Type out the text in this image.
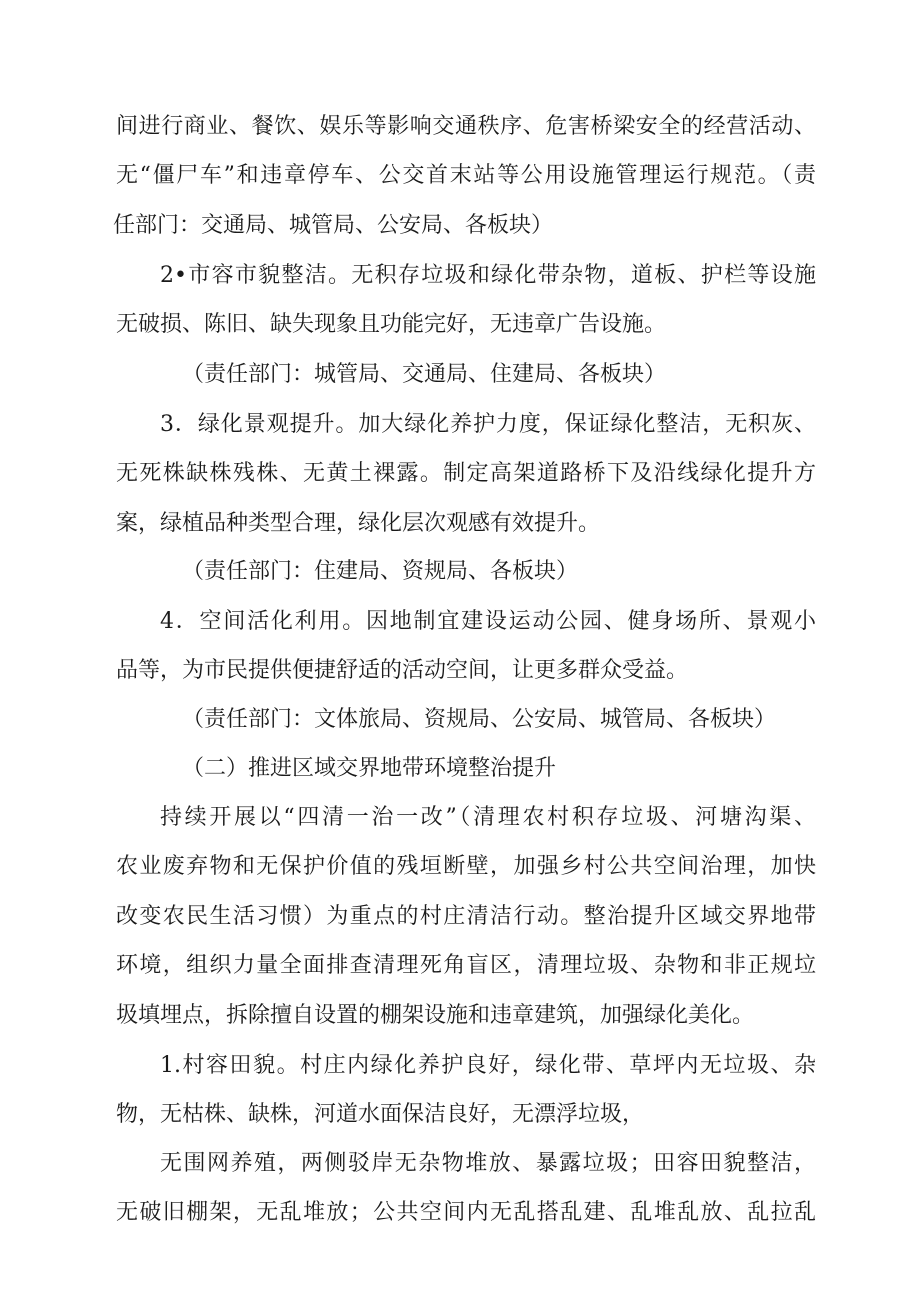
间进行商业、餐饮、娱乐等影响交通秩序、危害桥梁安全的经营活动、
无“僵尸车”和违章停车、公交首末站等公用设施管理运行规范。（责
任部门：交通局、城管局、公安局、各板块）
2•市容市貌整洁。无积存垃圾和绿化带杂物，道板、护栏等设施
无破损、陈旧、缺失现象且功能完好，无违章广告设施。
（责任部门：城管局、交通局、住建局、各板块）
3．绿化景观提升。加大绿化养护力度，保证绿化整洁，无积灰、
无死株缺株残株、无黄土裸露。制定高架道路桥下及沿线绿化提升方
案，绿植品种类型合理，绿化层次观感有效提升。
（责任部门：住建局、资规局、各板块）
4．空间活化利用。因地制宜建设运动公园、健身场所、景观小
品等，为市民提供便捷舒适的活动空间，让更多群众受益。
（责任部门：文体旅局、资规局、公安局、城管局、各板块）
（二）推进区域交界地带环境整治提升
持续开展以“四清一治一改”（清理农村积存垃圾、河塘沟渠、
农业废弃物和无保护价值的残垣断壁，加强乡村公共空间治理，加快
改变农民生活习惯）为重点的村庄清洁行动。整治提升区域交界地带
环境，组织力量全面排查清理死角盲区，清理垃圾、杂物和非正规垃
圾填埋点，拆除擅自设置的棚架设施和违章建筑，加强绿化美化。
1.村容田貌。村庄内绿化养护良好，绿化带、草坪内无垃圾、杂
物，无枯株、缺株，河道水面保洁良好，无漂浮垃圾，
无围网养殖，两侧驳岸无杂物堆放、暴露垃圾；田容田貌整洁，
无破旧棚架，无乱堆放；公共空间内无乱搭乱建、乱堆乱放、乱拉乱
